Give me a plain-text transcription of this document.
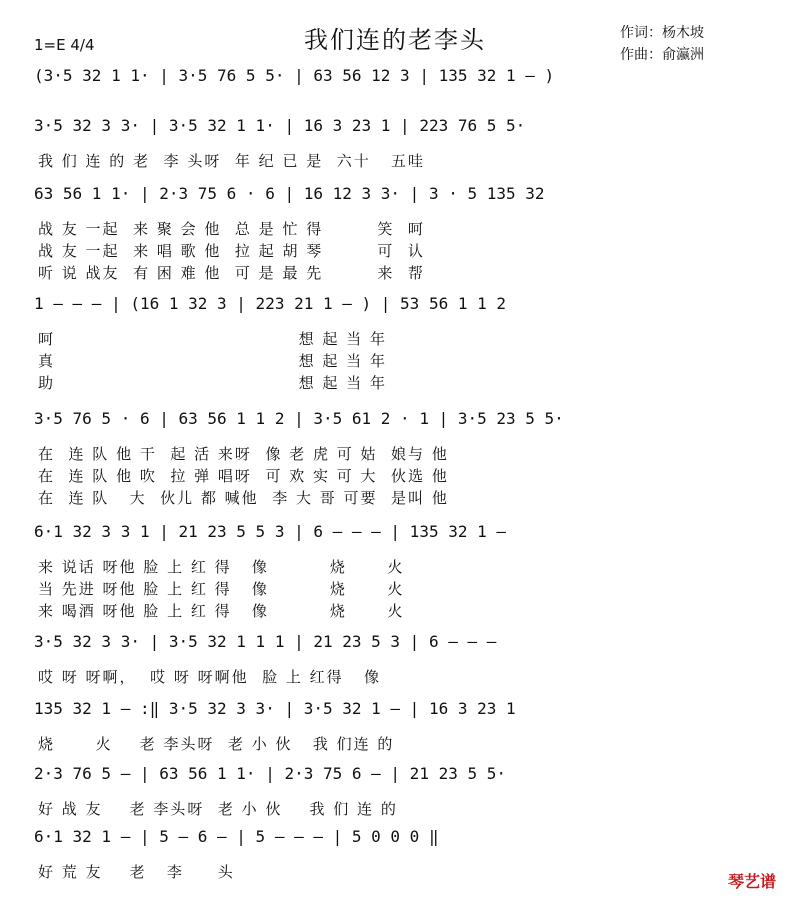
1=E 4/4	我们连的老李头	作词：杨木坡
作曲：俞瀛洲
(3·5 32 1 1· | 3·5 76 5 5· | 63 56 12 3 | 135 32 1 — )
3·5 32 3 3· | 3·5 32 1 1· | 16 3 23 1 | 223 76 5 5·
我 们 连 的 老  李 头呀  年 纪 已 是  六十   五哇
63 56 1 1· | 2·3 75 6 · 6 | 16 12 3 3· | 3 · 5 135 32
战 友 一起  来 聚 会 他  总 是 忙 得        笑  呵
战 友 一起  来 唱 歌 他  拉 起 胡 琴        可  认
听 说 战友  有 困 难 他  可 是 最 先        来  帮
1 — — — | (16 1 32 3 | 223 21 1 — ) | 53 56 1 1 2
呵                                    想 起 当 年
真                                    想 起 当 年
助                                    想 起 当 年
3·5 76 5 · 6 | 63 56 1 1 2 | 3·5 61 2 · 1 | 3·5 23 5 5·
在  连 队 他 干  起 活 来呀  像 老 虎 可 姑  娘与 他
在  连 队 他 吹  拉 弹 唱呀  可 欢 实 可 大  伙选 他
在  连 队   大  伙儿 都 喊他  李 大 哥 可要  是叫 他
6·1 32 3 3 1 | 21 23 5 5 3 | 6 — — — | 135 32 1 —
来 说话 呀他 脸 上 红 得   像         烧      火
当 先进 呀他 脸 上 红 得   像         烧      火
来 喝酒 呀他 脸 上 红 得   像         烧      火
3·5 32 3 3· | 3·5 32 1 1 1 | 21 23 5 3 | 6 — — —
哎 呀 呀啊，  哎 呀 呀啊他  脸 上 红得   像
135 32 1 — :‖ 3·5 32 3 3· | 3·5 32 1 — | 16 3 23 1
烧      火    老 李头呀  老 小 伙   我 们连 的
2·3 76 5 — | 63 56 1 1· | 2·3 75 6 — | 21 23 5 5·
好 战 友    老 李头呀  老 小 伙    我 们 连 的
6·1 32 1 — | 5 — 6 — | 5 — — — | 5 0 0 0 ‖
好 荒 友    老   李     头	琴艺谱
